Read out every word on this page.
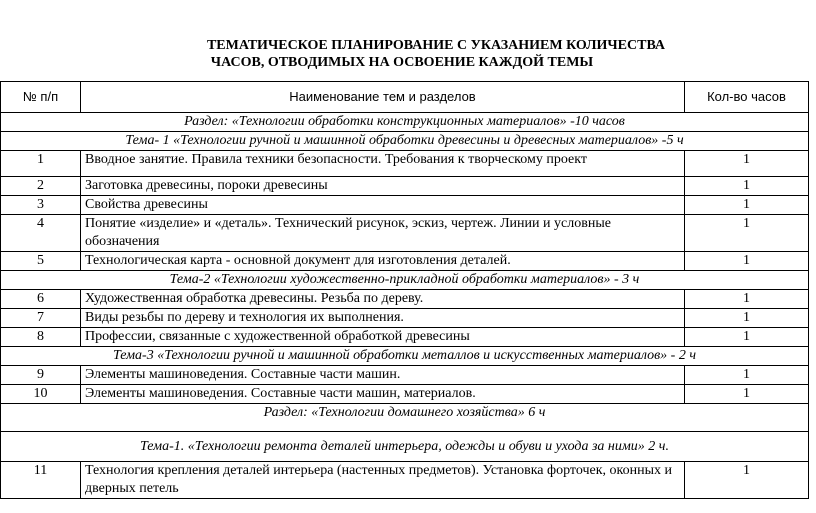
ТЕМАТИЧЕСКОЕ ПЛАНИРОВАНИЕ С УКАЗАНИЕМ КОЛИЧЕСТВА
ЧАСОВ, ОТВОДИМЫХ НА ОСВОЕНИЕ КАЖДОЙ ТЕМЫ
№ п/п	Наименование тем и разделов	Кол-во часов
Раздел: «Технологии обработки конструкционных материалов» -10 часов		
Тема- 1 «Технологии ручной и машинной обработки древесины и древесных материалов» -5 ч		
1	Вводное занятие. Правила техники безопасности. Требования к творческому проект	1
2	Заготовка древесины, пороки древесины	1
3	Свойства древесины	1
4	Понятие «изделие» и «деталь». Технический рисунок, эскиз, чертеж. Линии и условные обозначения	1
5	Технологическая карта - основной документ для изготовления деталей.	1
Тема-2 «Технологии художественно-прикладной обработки материалов» - 3 ч		
6	Художественная обработка древесины. Резьба по дереву.	1
7	Виды резьбы по дереву и технология их выполнения.	1
8	Профессии, связанные с художественной обработкой древесины	1
Тема-3 «Технологии ручной и машинной обработки металлов и искусственных материалов» - 2 ч		
9	Элементы машиноведения. Составные части машин.	1
10	Элементы машиноведения. Составные части машин, материалов.	1
Раздел: «Технологии домашнего хозяйства» 6 ч		
Тема-1. «Технологии ремонта деталей интерьера, одежды и обуви и ухода за ними» 2 ч.		
11	Технология крепления деталей интерьера (настенных предметов). Установка форточек, оконных и дверных петель	1
